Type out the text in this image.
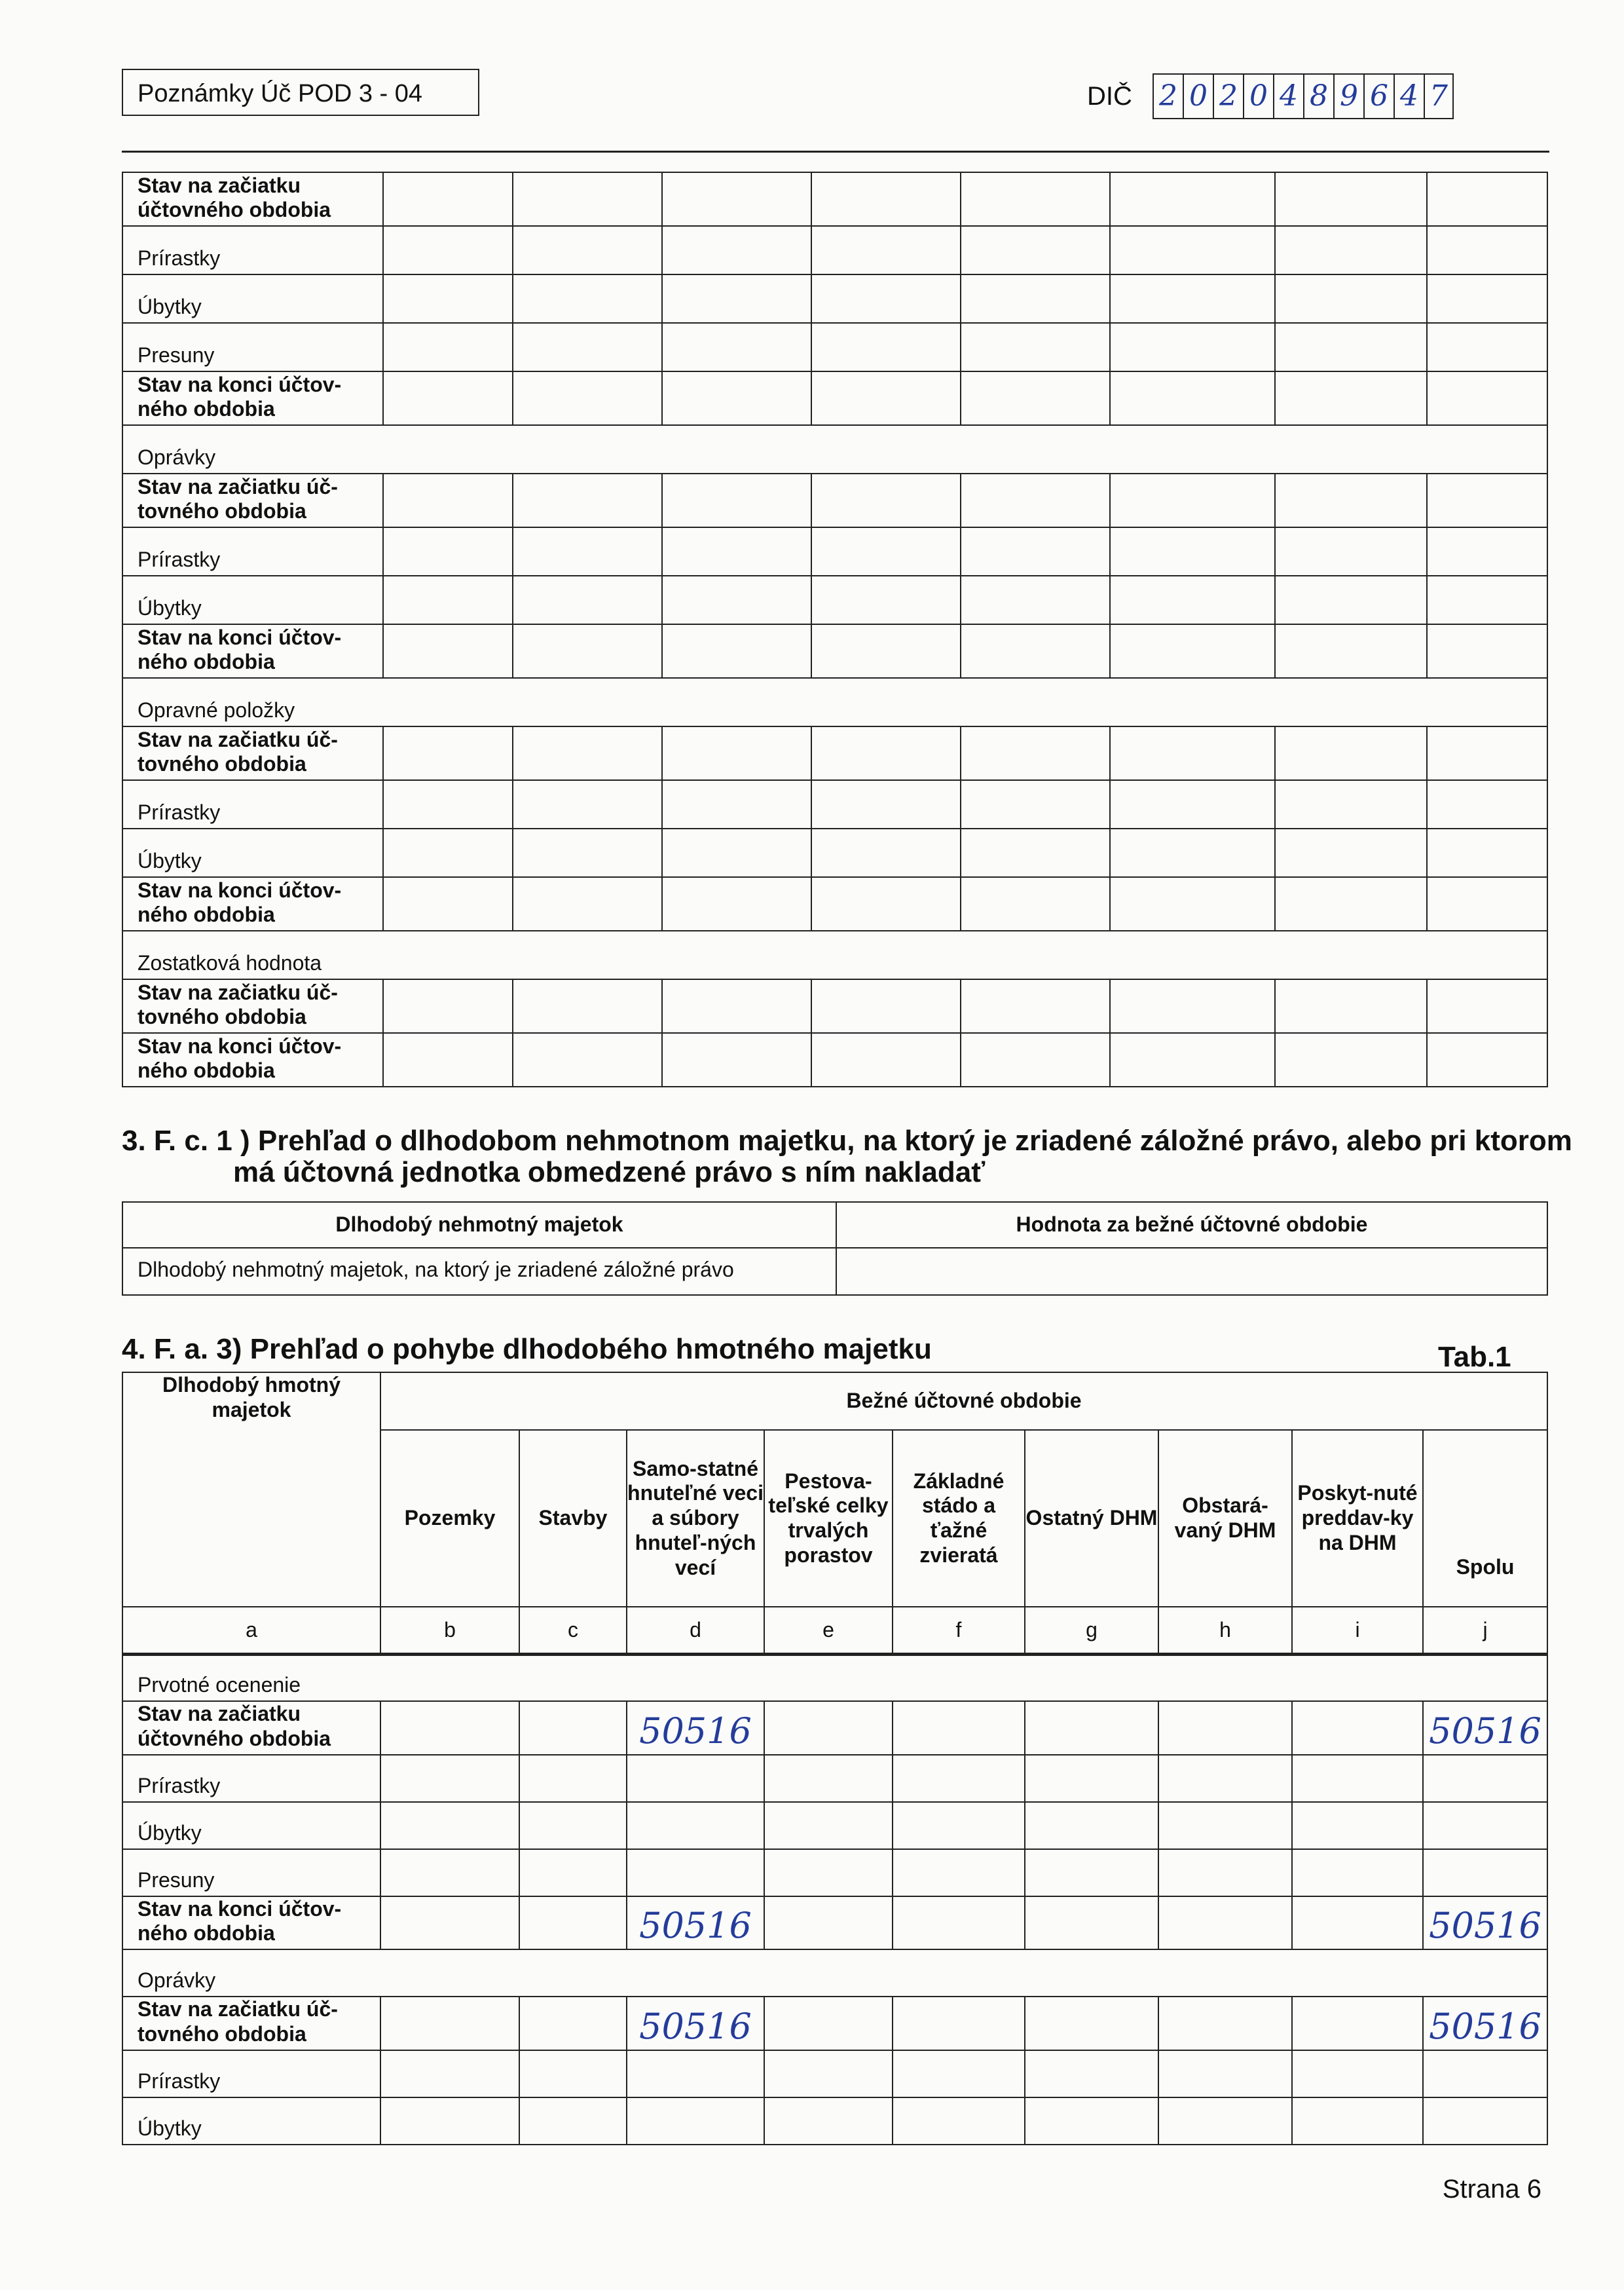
Poznámky Úč POD 3 - 04	DIČ 2 0 2 0 4 8 9 6 4 7
Stav na začiatku účtovného obdobia								
Prírastky								
Úbytky								
Presuny								
Stav na konci účtov-ného obdobia								
Oprávky								
Stav na začiatku úč-tovného obdobia								
Prírastky								
Úbytky								
Stav na konci účtov-ného obdobia								
Opravné položky								
Stav na začiatku úč-tovného obdobia								
Prírastky								
Úbytky								
Stav na konci účtov-ného obdobia								
Zostatková hodnota								
Stav na začiatku úč-tovného obdobia								
Stav na konci účtov-ného obdobia								
3. F. c. 1 ) Prehľad o dlhodobom nehmotnom majetku, na ktorý je zriadené záložné právo, alebo pri ktorom
má účtovná jednotka obmedzené právo s ním nakladať
Dlhodobý nehmotný majetok	Hodnota za bežné účtovné obdobie
Dlhodobý nehmotný majetok, na ktorý je zriadené záložné právo	
4. F. a. 3) Prehľad o pohybe dlhodobého hmotného majetku	Tab.1
Dlhodobý hmotný majetok	Bežné účtovné obdobie								
	Pozemky	Stavby	Samo-statné hnuteľné veci a súbory hnuteľ-ných vecí	Pestova-teľské celky trvalých porastov	Základné stádo a ťažné zvieratá	Ostatný DHM	Obstará-vaný DHM	Poskyt-nuté preddav-ky na DHM	Spolu
a	b	c	d	e	f	g	h	i	j
Prvotné ocenenie									
Stav na začiatku účtovného obdobia			50516						50516
Prírastky									
Úbytky									
Presuny									
Stav na konci účtov-ného obdobia			50516						50516
Oprávky									
Stav na začiatku úč-tovného obdobia			50516						50516
Prírastky									
Úbytky									
Strana 6
